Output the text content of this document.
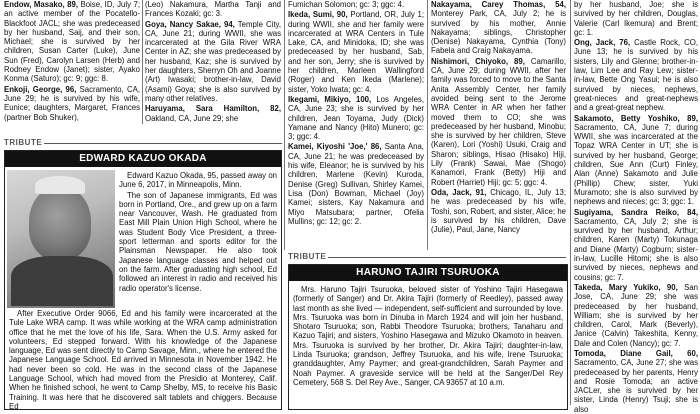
Endow, Masako, 89, Boise, ID, July 7; an active member of the Pocatello-Blackfoot JACL; she was predeceased by her husband, Saij, and their son, Michael; she is survived by her children, Susan Carter (Luke), June Sun (Fred), Carolyn Larsen (Herb) and Rodney Endow (Janet); sister, Ayako Konma (Saturo); gc: 9; ggc: 8.

Enkoji, George, 96, Sacramento, CA, June 29; he is survived by his wife, Eunice; daughters, Margaret, Frances (partner Bob Shuker),

(Leo) Nakamura, Martha Tanji and Frances Kozaki; gc: 3.

Goya, Nancy Sakae, 94, Temple City, CA, June 21; during WWII, she was incarcerated at the Gila River WRA Center in AZ; she was predeceased by her husband, Kaz; she is survived by her daughters, Sherryn Oh and Joanne (Art) Iwasaki; brother-in-law, David (Asami) Goya; she is also survived by many other relatives.

Haruyama, Sara Hamilton, 82, Oakland, CA, June 29; she

TRIBUTE
EDWARD KAZUO OKADA

Edward Kazuo Okada, 95, passed away on June 6, 2017, in Minneapolis, Minn.

The son of Japanese immigrants, Ed was born in Portland, Ore., and grew up on a farm near Vancouver, Wash. He graduated from East Mill Plain Union High School, where he was Student Body Vice President, a three-sport letterman and sports editor for the Plainsman Newspaper. He also took Japanese language classes and helped out on the farm. After graduating high school, Ed followed an interest in radio and received his radio operator's license.

After Executive Order 9066, Ed and his family were incarcerated at the Tule Lake WRA camp. It was while working at the WRA camp administration office that he met the love of his life, Sara. When the U.S. Army asked for volunteers, Ed stepped forward. With his knowledge of the Japanese language, Ed was sent directly to Camp Savage, Minn., where he entered the Japanese Language School. Ed arrived in Minnesota in November 1942. He had never been so cold. He was in the second class of the Japanese Language School, which had moved from the Presidio at Monterey, Calif. When he finished school, he went to Camp Shelby, MS, to receive his Basic Training. It was here that he discovered salt tablets and chiggers. Because Ed

Fumichan Solomon; gc: 3; ggc: 4.

Ikeda, Sumi, 90, Portland, OR, July 1; during WWII, she and her family were incarcerated at WRA Centers in Tule Lake, CA, and Minidoka, ID; she was predeceased by her husband, Sab, and her son, Jerry; she is survived by her children, Marleen Wallingford (Roger) and Ken Ikeda (Marlene); sister, Yoko Iwata; gc: 4.

Ikegami, Mikiyo, 100, Los Angeles, CA, June 23; she is survived by her children, Jean Toyama, Judy (Dick) Yamane and Nancy (Hito) Munero; gc: 3; ggc: 4.

Kamei, Kiyoshi 'Joe,' 86, Santa Ana, CA, June 21; he was predeceased by his wife, Eleanor; he is survived by his children, Marlene (Kevin) Kuroda, Denise (Greg) Sullivan, Shirley Kamei, Lisa (Don) Bowman, Michael (Joy) Kamei; sisters, Kay Nakamura and Miyo Matsubara; partner, Ofelia Mullins; gc: 12; gc: 2.

Nakayama, Carey Thomas, 54, Monterey Park, CA, July 2; he is survived by his mother, Annie Nakayama; siblings, Christopher (Denise) Nakayama, Cynthia (Tony) Fabela and Craig Nakayama.

Nishimori, Chiyoko, 89, Camarillo, CA, June 29; during WWII, after her family was forced to move to the Santa Anita Assembly Center, her family avoided being sent to the Jerome WRA Center in AR when her father moved them to CO; she was predeceased by her husband, Minobu; she is survived by her children, Steve (Karen), Lori (Yoshi) Usuki, Craig and Sharon; siblings, Hisao (Hisako) Hiji, Lily (Frank) Sawai, Mae (Shogo) Kanamori, Frank (Betty) Hiji and Robert (Harriet) Hiji; gc: 5; ggc: 4.

Oda, Jack, 91, Chicago, IL, July 13; he was predeceased by his wife, Toshi, son, Robert, and sister, Alice; he is survived by his children, Dave (Julie), Paul, Jane, Nancy

by her husband, Joe; she is survived by her children, Douglas, Valerie (Carl Ikemura) and Brent; gc: 1.

Ong, Jack, 76, Castle Rock, CO, June 13; he is survived by his sisters, Lily and Glenne; brother-in-law, Lim Lee and Ray Lew; sister-in-law, Bette Ong Yasui; he is also survived by nieces, nephews, great-nieces and great-nephews and a great-great nephew.

Sakamoto, Betty Yoshiko, 89, Sacramento, CA, June 7; during WWII, she was incarcerated at the Topaz WRA Center in UT; she is survived by her husband, George; children, Sue Ann (Curt) Finley, Alan (Anne) Sakamoto and Julie (Phillip) Chew; sister, Yuki Muramoto; she is also survived by nephews and nieces; gc: 3; ggc: 1.

Sugiyama, Sandra Reiko, 84, Sacramento, CA, July 2; she is survived by her husband, Arthur; children, Karen (Marty) Tokunaga and Diane (Marty) Cogburn; sister-in-law, Lucille Hitomi; she is also survived by nieces, nephews and cousins; gc: 7.

Takeda, Mary Yukiko, 90, San Jose, CA, June 29; she was predeceased by her husband, William; she is survived by her children, Carol, Mark (Beverly), Janice (Calvin) Takeshita, Kenny, Dale and Colen (Nancy); gc: 7.

Tomoda, Diane Gail, 60, Sacramento, CA, June 27; she was predeceased by her parents, Henry and Rosie Tomoda; an active JACLer, she is survived by her sister, Linda (Henry) Tsuji; she is also

TRIBUTE
HARUNO TAJIRI TSURUOKA

Mrs. Haruno Tajiri Tsuruoka, beloved sister of Yoshino Tajiri Hasegawa (formerly of Sanger) and Dr. Akira Tajiri (formerly of Reedley), passed away last month as she lived — independent, self-sufficient and surrounded by love. Mrs. Tsuruoka was born in Dinuba in March 1924 and will join her husband, Shotaro Tsuruoka; son, Rabbi Theodore Tsuruoka; brothers, Tanaharu and Kazuo Tajiri; and sisters, Yoshino Hasegawa and Mizuko Okamoto in heaven. Mrs. Tsuruoka is survived by her brother, Dr. Akira Tajiri; daughter-in-law, Linda Tsuruoka; grandson, Jeffrey Tsuruoka, and his wife, Irene Tsuruoka; granddaughter, Amy Paymer; and great-grandchildren, Sarah Paymer and Noah Paymer. A graveside service will be held at the Sanger/Del Rey Cemetery, 568 S. Del Rey Ave., Sanger, CA 93657 at 10 a.m.
